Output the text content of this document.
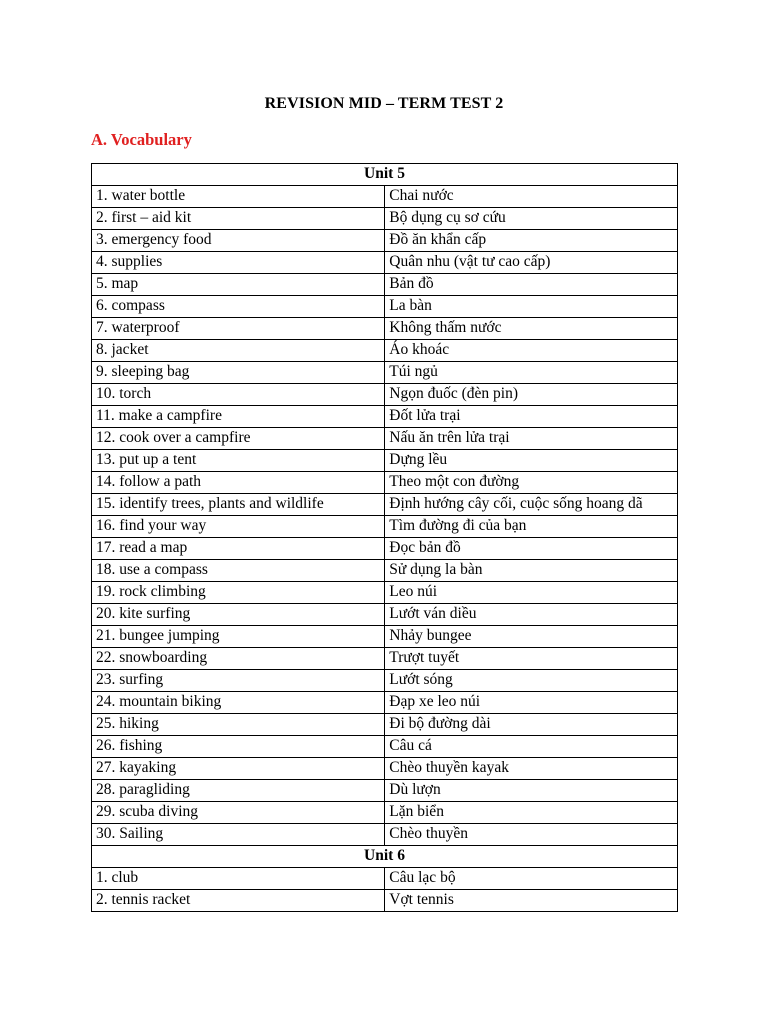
REVISION MID – TERM TEST 2
A. Vocabulary
Unit 5	
1. water bottle	Chai nước
2. first – aid kit	Bộ dụng cụ sơ cứu
3. emergency food	Đồ ăn khẩn cấp
4. supplies	Quân nhu (vật tư cao cấp)
5. map	Bản đồ
6. compass	La bàn
7. waterproof	Không thấm nước
8. jacket	Áo khoác
9. sleeping bag	Túi ngủ
10. torch	Ngọn đuốc (đèn pin)
11. make a campfire	Đốt lửa trại
12. cook over a campfire	Nấu ăn trên lửa trại
13. put up a tent	Dựng lều
14. follow a path	Theo một con đường
15. identify trees, plants and wildlife	Định hướng cây cối, cuộc sống hoang dã
16. find your way	Tìm đường đi của bạn
17. read a map	Đọc bản đồ
18. use a compass	Sử dụng la bàn
19. rock climbing	Leo núi
20. kite surfing	Lướt ván diều
21. bungee jumping	Nhảy bungee
22. snowboarding	Trượt tuyết
23. surfing	Lướt sóng
24. mountain biking	Đạp xe leo núi
25. hiking	Đi bộ đường dài
26. fishing	Câu cá
27. kayaking	Chèo thuyền kayak
28. paragliding	Dù lượn
29. scuba diving	Lặn biển
30. Sailing	Chèo thuyền
Unit 6	
1. club	Câu lạc bộ
2. tennis racket	Vợt tennis
